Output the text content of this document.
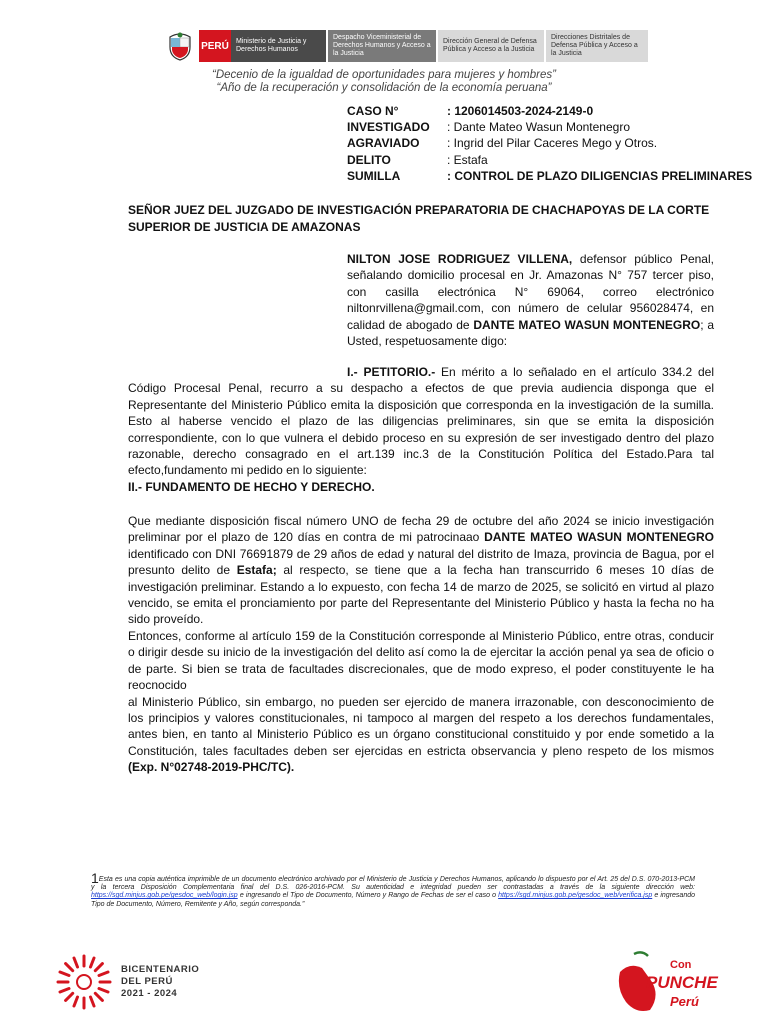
PERÚ	Ministerio de Justicia y Derechos Humanos
Despacho Viceministerial de Derechos Humanos y Acceso a la Justicia
Dirección General de Defensa Pública y Acceso a la Justicia
Direcciones Distritales de Defensa Pública y Acceso a la Justicia
“Decenio de la igualdad de oportunidades para mujeres y hombres”
“Año de la recuperación y consolidación de la economía peruana”
CASO N°	: 1206014503-2024-2149-0
INVESTIGADO	: Dante Mateo Wasun Montenegro
AGRAVIADO	: Ingrid del Pilar Caceres Mego y Otros.
DELITO	: Estafa
SUMILLA	: CONTROL DE PLAZO DILIGENCIAS PRELIMINARES
SEÑOR JUEZ DEL JUZGADO DE INVESTIGACIÓN PREPARATORIA DE CHACHAPOYAS DE LA CORTE SUPERIOR DE JUSTICIA DE AMAZONAS
NILTON JOSE RODRIGUEZ VILLENA, defensor público Penal, señalando domicilio procesal en Jr. Amazonas N° 757 tercer piso, con casilla electrónica N° 69064, correo electrónico niltonrvillena@gmail.com, con número de celular 956028474, en calidad de abogado de DANTE MATEO WASUN MONTENEGRO; a Usted, respetuosamente digo:
I.- PETITORIO.- En mérito a lo señalado en el artículo 334.2 del Código Procesal Penal, recurro a su despacho a efectos de que previa audiencia disponga que el Representante del Ministerio Público emita la disposición que corresponda en la investigación de la sumilla. Esto al haberse vencido el plazo de las diligencias preliminares, sin que se emita la disposición correspondiente, con lo que vulnera el debido proceso en su expresión de ser investigado dentro del plazo razonable, derecho consagrado en el art.139 inc.3 de la Constitución Política del Estado.Para tal efecto,fundamento mi pedido en lo siguiente:
II.- FUNDAMENTO DE HECHO Y DERECHO.
Que mediante disposición fiscal número UNO de fecha 29 de octubre del año 2024 se inicio investigación preliminar por el plazo de 120 días en contra de mi patrocinaao DANTE MATEO WASUN MONTENEGRO identificado con DNI 76691879 de 29 años de edad y natural del distrito de Imaza, provincia de Bagua, por el presunto delito de Estafa; al respecto, se tiene que a la fecha han transcurrido 6 meses 10 días de investigación preliminar. Estando a lo expuesto, con fecha 14 de marzo de 2025, se solicitó en virtud al plazo vencido, se emita el pronciamiento por parte del Representante del Ministerio Público y hasta la fecha no ha sido proveído.
Entonces, conforme al artículo 159 de la Constitución corresponde al Ministerio Público, entre otras, conducir o dirigir desde su inicio de la investigación del delito así como la de ejercitar la acción penal ya sea de oficio o de parte. Si bien se trata de facultades discrecionales, que de modo expreso, el poder constituyente le ha reocnocido
al Ministerio Público, sin embargo, no pueden ser ejercido de manera irrazonable, con desconocimiento de los principios y valores constitucionales, ni tampoco al margen del respeto a los derechos fundamentales, antes bien, en tanto al Ministerio Público es un órgano constitucional constituido y por ende sometido a la Constitución, tales facultades deben ser ejercidas en estricta observancia y pleno respeto de los mismos (Exp. N°02748-2019-PHC/TC).
1Esta es una copia auténtica imprimible de un documento electrónico archivado por el Ministerio de Justicia y Derechos Humanos, aplicando lo dispuesto por el Art. 25 del D.S. 070-2013-PCM y la tercera Disposición Complementaria final del D.S. 026-2016-PCM. Su autenticidad e integridad pueden ser contrastadas a través de la siguiente dirección web: https://sgd.minjus.gob.pe/gesdoc_web/login.jsp e ingresando el Tipo de Documento, Número y Rango de Fechas de ser el caso o https://sgd.minjus.gob.pe/gesdoc_web/verifica.jsp e ingresando Tipo de Documento, Número, Remitente y Año, según corresponda.”
BICENTENARIO
DEL PERÚ
2021 - 2024
Con
PUNCHE
Perú
